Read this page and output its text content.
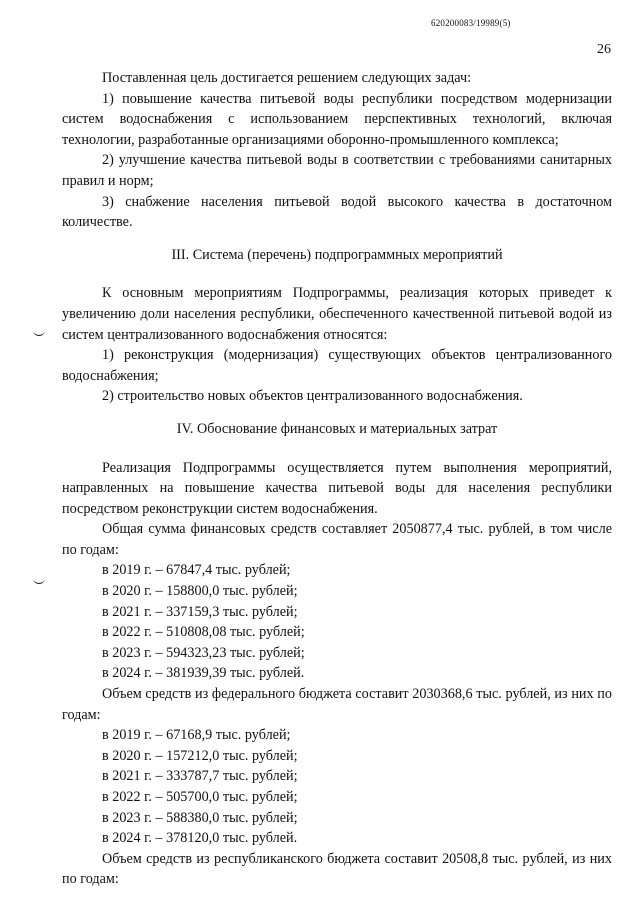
620200083/19989(5)
26

Поставленная цель достигается решением следующих задач:

1) повышение качества питьевой воды республики посредством модернизации систем водоснабжения с использованием перспективных технологий, включая технологии, разработанные организациями оборонно-промышленного комплекса;

2) улучшение качества питьевой воды в соответствии с требованиями санитарных правил и норм;

3) снабжение населения питьевой водой высокого качества в достаточном количестве.

III. Система (перечень) подпрограммных мероприятий

К основным мероприятиям Подпрограммы, реализация которых приведет к увеличению доли населения республики, обеспеченного качественной питьевой водой из систем централизованного водоснабжения относятся:

1) реконструкция (модернизация) существующих объектов централизованного водоснабжения;

2) строительство новых объектов централизованного водоснабжения.

IV. Обоснование финансовых и материальных затрат

Реализация Подпрограммы осуществляется путем выполнения мероприятий, направленных на повышение качества питьевой воды для населения республики посредством реконструкции систем водоснабжения.

Общая сумма финансовых средств составляет 2050877,4 тыс. рублей, в том числе по годам:

в 2019 г. – 67847,4 тыс. рублей;

в 2020 г. – 158800,0 тыс. рублей;

в 2021 г. – 337159,3 тыс. рублей;

в 2022 г. – 510808,08 тыс. рублей;

в 2023 г. – 594323,23 тыс. рублей;

в 2024 г. – 381939,39 тыс. рублей.

Объем средств из федерального бюджета составит 2030368,6 тыс. рублей, из них по годам:

в 2019 г. – 67168,9 тыс. рублей;

в 2020 г. – 157212,0 тыс. рублей;

в 2021 г. – 333787,7 тыс. рублей;

в 2022 г. – 505700,0 тыс. рублей;

в 2023 г. – 588380,0 тыс. рублей;

в 2024 г. – 378120,0 тыс. рублей.

Объем средств из республиканского бюджета составит 20508,8 тыс. рублей, из них по годам:
